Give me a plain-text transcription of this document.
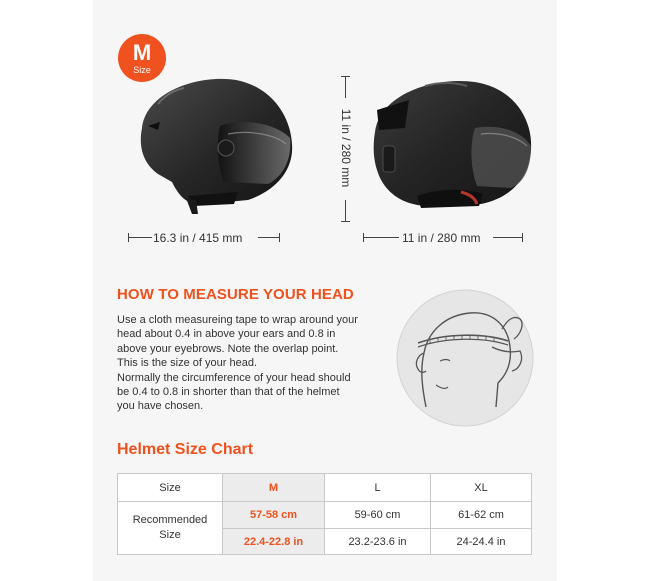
M
Size
16.3 in / 415 mm	11 in / 280 mm
11 in / 280 mm
HOW TO MEASURE YOUR HEAD

Use a cloth measureing tape to wrap around your

head about 0.4 in above your ears and 0.8 in

above your eyebrows. Note the overlap point.

This is the size of your head.

Normally the circumference of your head should

be 0.4 to 0.8 in shorter than that of the helmet

you have chosen.

Helmet Size Chart
Size	M	L	XL

Recommended
Size	57-58 cm	59-60 cm	61-62 cm
	22.4-22.8 in	23.2-23.6 in	24-24.4 in
